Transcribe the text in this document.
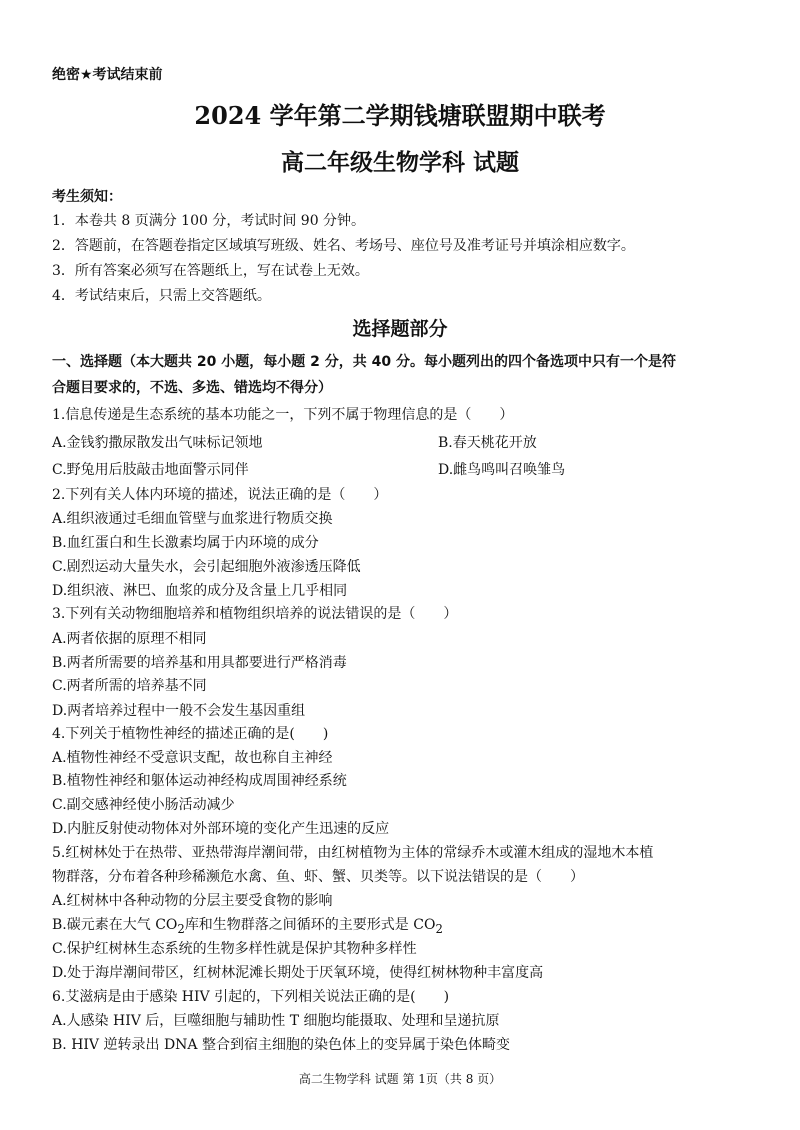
绝密★考试结束前
2024 学年第二学期钱塘联盟期中联考
高二年级生物学科 试题
考生须知：
1．本卷共 8 页满分 100 分，考试时间 90 分钟。
2．答题前，在答题卷指定区域填写班级、姓名、考场号、座位号及准考证号并填涂相应数字。
3．所有答案必须写在答题纸上，写在试卷上无效。
4．考试结束后，只需上交答题纸。
选择题部分
一、选择题（本大题共 20 小题，每小题 2 分，共 40 分。每小题列出的四个备选项中只有一个是符
合题目要求的，不选、多选、错选均不得分）
1.信息传递是生态系统的基本功能之一，下列不属于物理信息的是（　　）
A.金钱豹撒尿散发出气味标记领地	B.春天桃花开放
C.野兔用后肢敲击地面警示同伴	D.雌鸟鸣叫召唤雏鸟
2.下列有关人体内环境的描述，说法正确的是（　　）
A.组织液通过毛细血管壁与血浆进行物质交换
B.血红蛋白和生长激素均属于内环境的成分
C.剧烈运动大量失水，会引起细胞外液渗透压降低
D.组织液、淋巴、血浆的成分及含量上几乎相同
3.下列有关动物细胞培养和植物组织培养的说法错误的是（　　）
A.两者依据的原理不相同
B.两者所需要的培养基和用具都要进行严格消毒
C.两者所需的培养基不同
D.两者培养过程中一般不会发生基因重组
4.下列关于植物性神经的描述正确的是(　　)
A.植物性神经不受意识支配，故也称自主神经
B.植物性神经和躯体运动神经构成周围神经系统
C.副交感神经使小肠活动减少
D.内脏反射使动物体对外部环境的变化产生迅速的反应
5.红树林处于在热带、亚热带海岸潮间带，由红树植物为主体的常绿乔木或灌木组成的湿地木本植
物群落，分布着各种珍稀濒危水禽、鱼、虾、蟹、贝类等。以下说法错误的是（　　）
A.红树林中各种动物的分层主要受食物的影响
B.碳元素在大气 $CO_2$库和生物群落之间循环的主要形式是 $CO_2$
C.保护红树林生态系统的生物多样性就是保护其物种多样性
D.处于海岸潮间带区，红树林泥滩长期处于厌氧环境，使得红树林物种丰富度高
6.艾滋病是由于感染 HIV 引起的，下列相关说法正确的是(　　)
A.人感染 HIV 后，巨噬细胞与辅助性 T 细胞均能摄取、处理和呈递抗原
B. HIV 逆转录出 DNA 整合到宿主细胞的染色体上的变异属于染色体畸变
高二生物学科 试题 第 1页（共 8 页）
